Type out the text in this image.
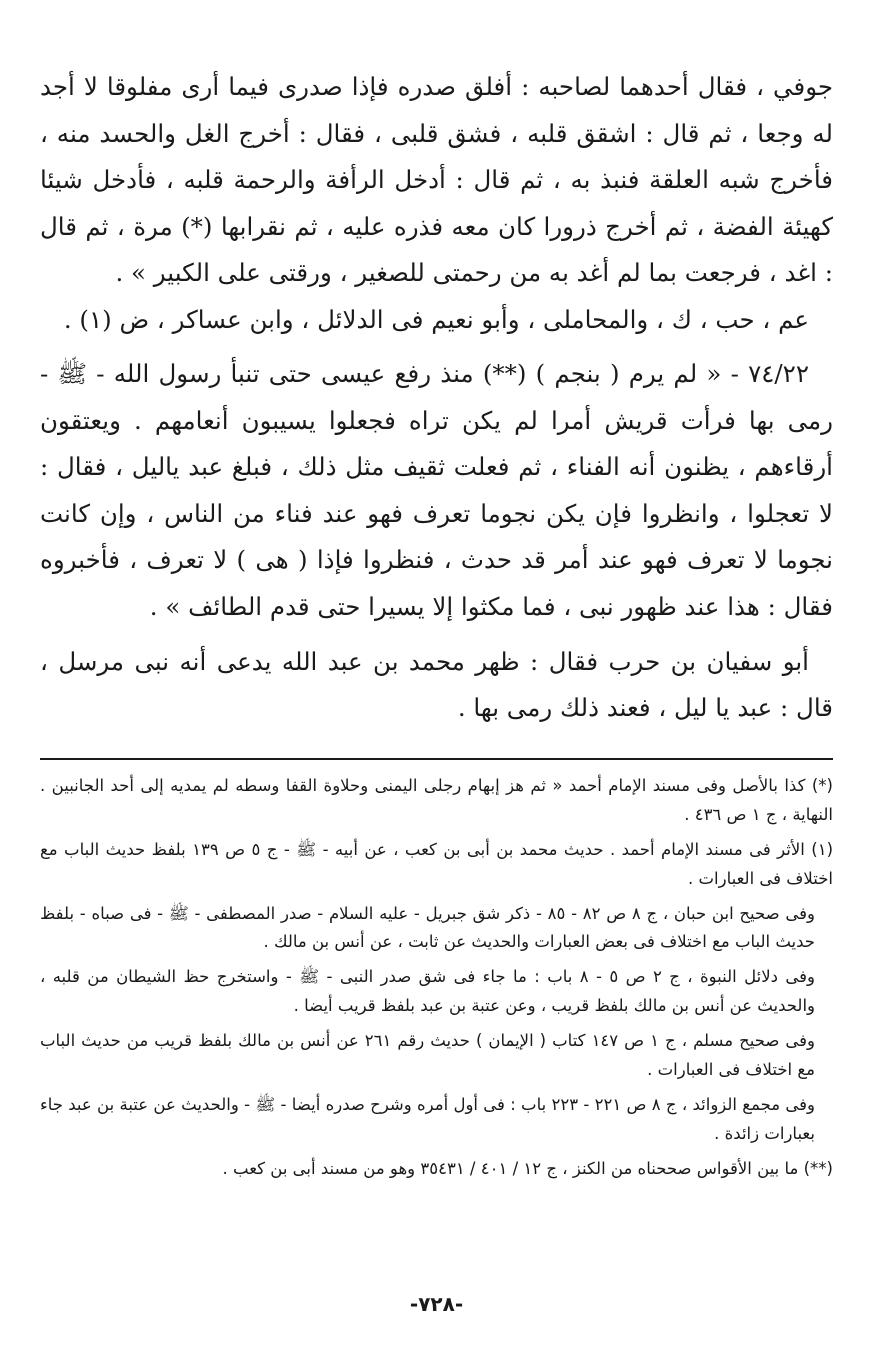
جوفي ، فقال أحدهما لصاحبه : أفلق صدره فإذا صدرى فيما أرى مفلوقا لا أجد له وجعا ، ثم قال : اشقق قلبه ، فشق قلبى ، فقال : أخرج الغل والحسد منه ، فأخرج شبه العلقة فنبذ به ، ثم قال : أدخل الرأفة والرحمة قلبه ، فأدخل شيئا كهيئة الفضة ، ثم أخرج ذرورا كان معه فذره عليه ، ثم نقرابها (*) مرة ، ثم قال : اغد ، فرجعت بما لم أغد به من رحمتى للصغير ، ورقتى على الكبير » .

عم ، حب ، ك ، والمحاملى ، وأبو نعيم فى الدلائل ، وابن عساكر ، ض (١) .

٧٤/٢٢ - « لم يرم ( بنجم ) (**) منذ رفع عيسى حتى تنبأ رسول الله - ﷺ - رمى بها فرأت قريش أمرا لم يكن تراه فجعلوا يسيبون أنعامهم . ويعتقون أرقاءهم ، يظنون أنه الفناء ، ثم فعلت ثقيف مثل ذلك ، فبلغ عبد ياليل ، فقال : لا تعجلوا ، وانظروا فإن يكن نجوما تعرف فهو عند فناء من الناس ، وإن كانت نجوما لا تعرف فهو عند أمر قد حدث ، فنظروا فإذا ( هى ) لا تعرف ، فأخبروه فقال : هذا عند ظهور نبى ، فما مكثوا إلا يسيرا حتى قدم الطائف » .

أبو سفيان بن حرب فقال : ظهر محمد بن عبد الله يدعى أنه نبى مرسل ، قال : عبد يا ليل ، فعند ذلك رمى بها .

(*) كذا بالأصل وفى مسند الإمام أحمد « ثم هز إبهام رجلى اليمنى وحلاوة القفا وسطه لم يمديه إلى أحد الجانبين . النهاية ، ج ١ ص ٤٣٦ .

(١) الأثر فى مسند الإمام أحمد . حديث محمد بن أبى بن كعب ، عن أبيه - ﷺ - ج ٥ ص ١٣٩ بلفظ حديث الباب مع اختلاف فى العبارات .

وفى صحيح ابن حبان ، ج ٨ ص ٨٢ - ٨٥ - ذكر شق جبريل - عليه السلام - صدر المصطفى - ﷺ - فى صباه - بلفظ حديث الباب مع اختلاف فى بعض العبارات والحديث عن ثابت ، عن أنس بن مالك .

وفى دلائل النبوة ، ج ٢ ص ٥ - ٨ باب : ما جاء فى شق صدر النبى - ﷺ - واستخرج حظ الشيطان من قلبه ، والحديث عن أنس بن مالك بلفظ قريب ، وعن عتبة بن عبد بلفظ قريب أيضا .

وفى صحيح مسلم ، ج ١ ص ١٤٧ كتاب ( الإيمان ) حديث رقم ٢٦١ عن أنس بن مالك بلفظ قريب من حديث الباب مع اختلاف فى العبارات .

وفى مجمع الزوائد ، ج ٨ ص ٢٢١ - ٢٢٣ باب : فى أول أمره وشرح صدره أيضا - ﷺ - والحديث عن عتبة بن عبد جاء بعبارات زائدة .

(**) ما بين الأقواس صححناه من الكنز ، ج ١٢ / ٤٠١ / ٣٥٤٣١ وهو من مسند أبى بن كعب .

-٧٢٨-
